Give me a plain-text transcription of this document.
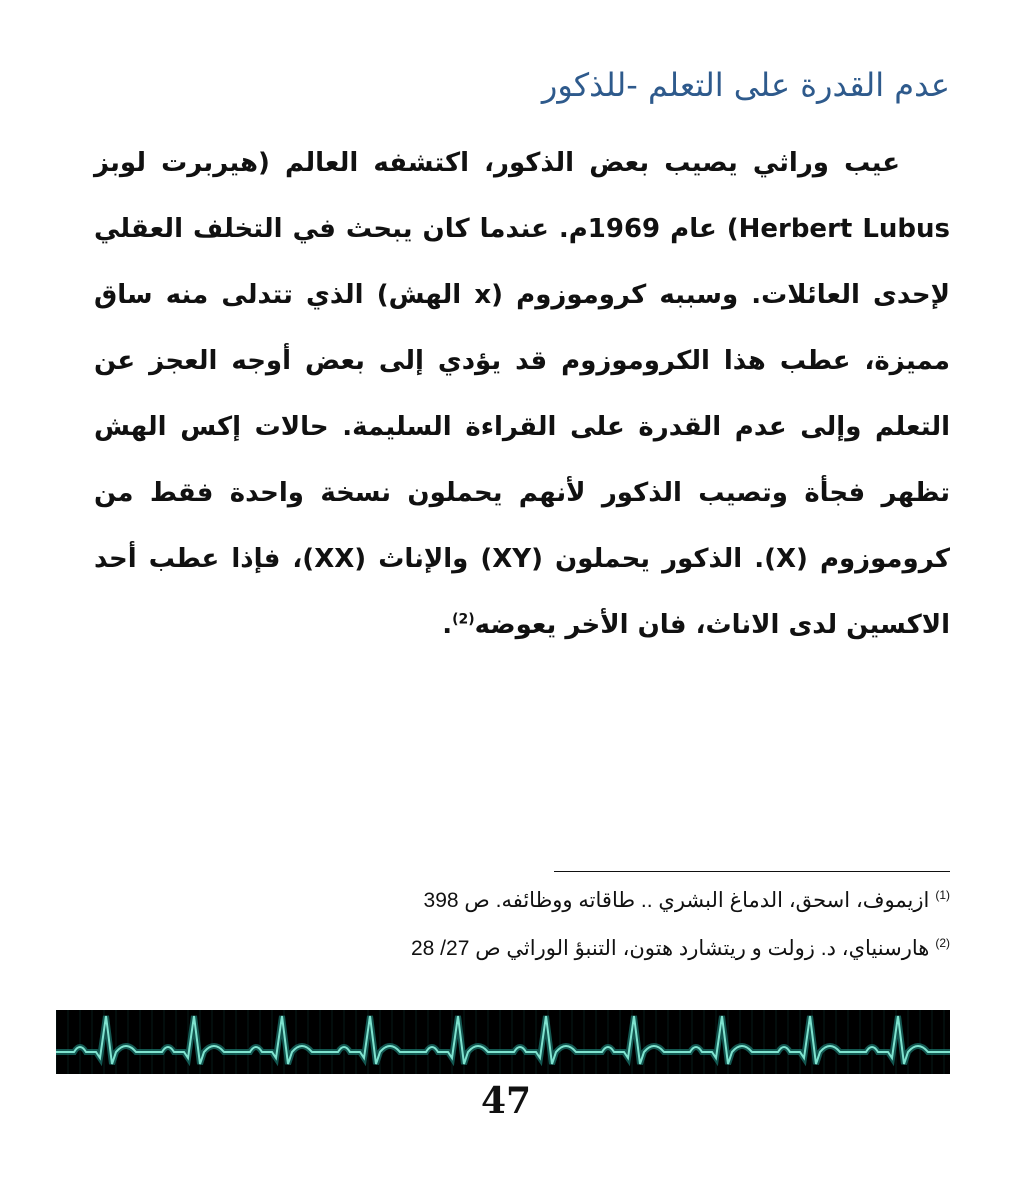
عدم القدرة على التعلم -للذكور

عيب وراثي يصيب بعض الذكور، اكتشفه العالم (هيربرت لوبز Herbert Lubus) عام 1969م. عندما كان يبحث في التخلف العقلي لإحدى العائلات. وسببه كروموزوم (x الهش) الذي تتدلى منه ساق مميزة، عطب هذا الكروموزوم قد يؤدي إلى بعض أوجه العجز عن التعلم وإلى عدم القدرة على القراءة السليمة. حالات إكس الهش تظهر فجأة وتصيب الذكور لأنهم يحملون نسخة واحدة فقط من كروموزوم (X). الذكور يحملون (XY) والإناث (XX)، فإذا عطب أحد الاكسين لدى الاناث، فان الأخر يعوضه$^{(2)}$.

$^{(1)}$ازيموف، اسحق، الدماغ البشري .. طاقاته ووظائفه. ص 398
$^{(2)}$هارسنياي، د. زولت و ريتشارد هتون، التنبؤ الوراثي ص 27/ 28
47
